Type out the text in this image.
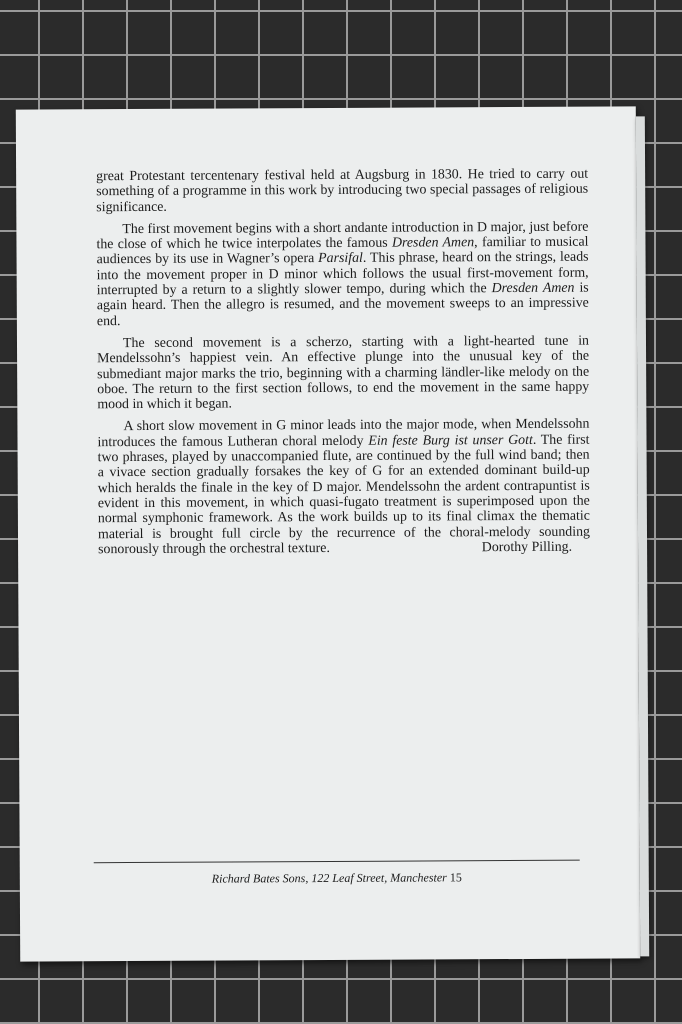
great Protestant tercentenary festival held at Augsburg in 1830. He tried to carry out something of a programme in this work by introducing two special passages of religious significance.

The first movement begins with a short andante introduction in D major, just before the close of which he twice interpolates the famous Dresden Amen, familiar to musical audiences by its use in Wagner’s opera Parsifal. This phrase, heard on the strings, leads into the movement proper in D minor which follows the usual first-movement form, interrupted by a return to a slightly slower tempo, during which the Dresden Amen is again heard. Then the allegro is resumed, and the movement sweeps to an impressive end.

The second movement is a scherzo, starting with a light-hearted tune in Mendelssohn’s happiest vein. An effective plunge into the unusual key of the submediant major marks the trio, beginning with a charming ländler-like melody on the oboe. The return to the first section follows, to end the movement in the same happy mood in which it began.

A short slow movement in G minor leads into the major mode, when Mendelssohn introduces the famous Lutheran choral melody Ein feste Burg ist unser Gott. The first two phrases, played by unaccompanied flute, are continued by the full wind band; then a vivace section gradually forsakes the key of G for an extended dominant build-up which heralds the finale in the key of D major. Mendelssohn the ardent contrapuntist is evident in this movement, in which quasi-fugato treatment is superimposed upon the normal symphonic framework. As the work builds up to its final climax the thematic material is brought full circle by the recurrence of the choral-melody sounding sonorously through the orchestral texture.	Dorothy Pilling.

Richard Bates Sons, 122 Leaf Street, Manchester 15
